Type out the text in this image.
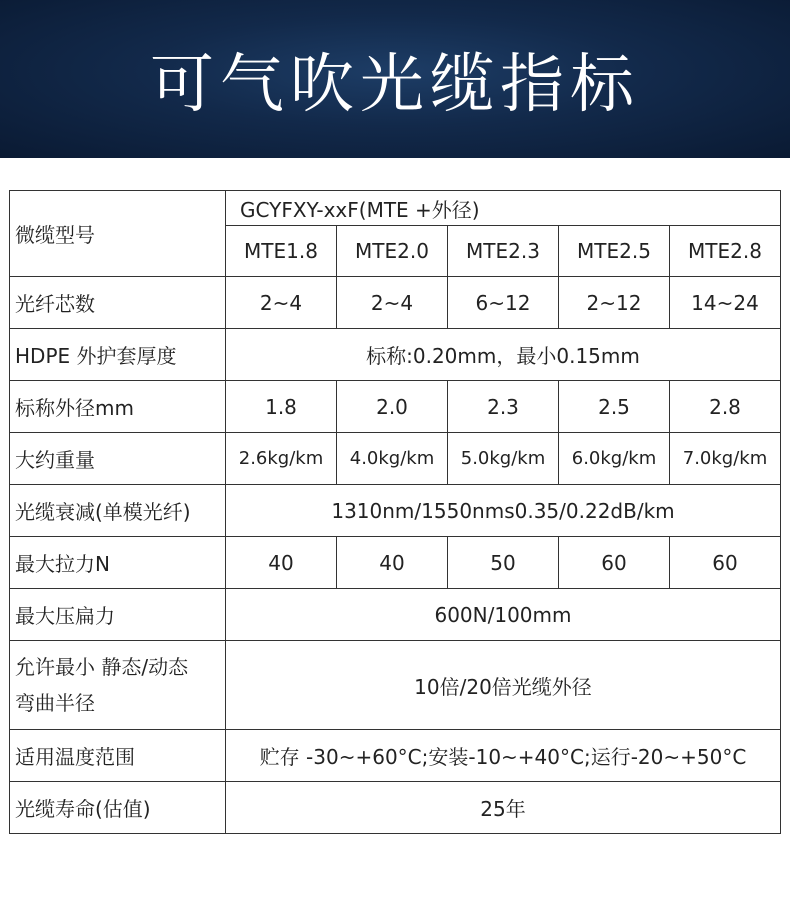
可气吹光缆指标
微缆型号	GCYFXY-xxF(MTE +外径)				
	MTE1.8	MTE2.0	MTE2.3	MTE2.5	MTE2.8
光纤芯数	2~4	2~4	6~12	2~12	14~24
HDPE 外护套厚度	标称:0.20mm，最小0.15mm				
标称外径mm	1.8	2.0	2.3	2.5	2.8
大约重量	2.6kg/km	4.0kg/km	5.0kg/km	6.0kg/km	7.0kg/km
光缆衰减(单模光纤)	1310nm/1550nms0.35/0.22dB/km				
最大拉力N	40	40	50	60	60
最大压扁力	600N/100mm				
允许最小 静态/动态
弯曲半径	10倍/20倍光缆外径				
适用温度范围	贮存 -30~+60°C;安装-10~+40°C;运行-20~+50°C				
光缆寿命(估值)	25年				
